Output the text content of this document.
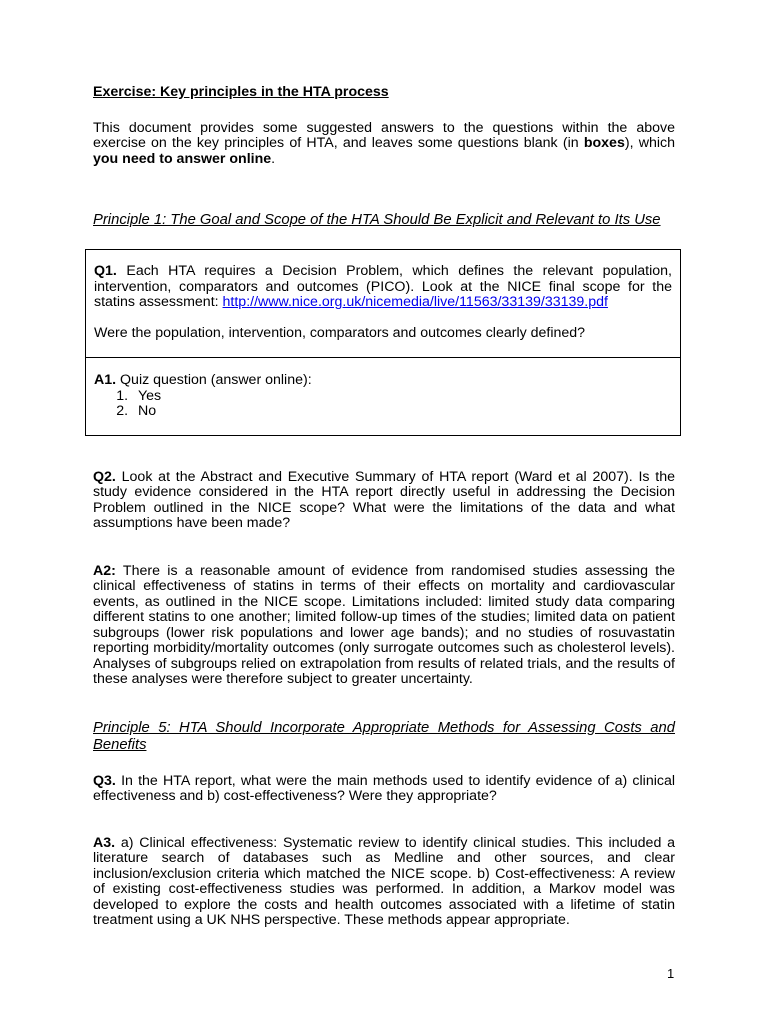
Exercise: Key principles in the HTA process

This document provides some suggested answers to the questions within the above exercise on the key principles of HTA, and leaves some questions blank (in boxes), which you need to answer online.

Principle 1: The Goal and Scope of the HTA Should Be Explicit and Relevant to Its Use

Q1. Each HTA requires a Decision Problem, which defines the relevant population, intervention, comparators and outcomes (PICO). Look at the NICE final scope for the statins assessment: http://www.nice.org.uk/nicemedia/live/11563/33139/33139.pdf

Were the population, intervention, comparators and outcomes clearly defined?

A1. Quiz question (answer online):

1. Yes
2. No

Q2. Look at the Abstract and Executive Summary of HTA report (Ward et al 2007). Is the study evidence considered in the HTA report directly useful in addressing the Decision Problem outlined in the NICE scope? What were the limitations of the data and what assumptions have been made?

A2: There is a reasonable amount of evidence from randomised studies assessing the clinical effectiveness of statins in terms of their effects on mortality and cardiovascular events, as outlined in the NICE scope. Limitations included: limited study data comparing different statins to one another; limited follow-up times of the studies; limited data on patient subgroups (lower risk populations and lower age bands); and no studies of rosuvastatin reporting morbidity/mortality outcomes (only surrogate outcomes such as cholesterol levels). Analyses of subgroups relied on extrapolation from results of related trials, and the results of these analyses were therefore subject to greater uncertainty.

Principle 5: HTA Should Incorporate Appropriate Methods for Assessing Costs and Benefits

Q3. In the HTA report, what were the main methods used to identify evidence of a) clinical effectiveness and b) cost-effectiveness? Were they appropriate?

A3. a) Clinical effectiveness: Systematic review to identify clinical studies. This included a literature search of databases such as Medline and other sources, and clear inclusion/exclusion criteria which matched the NICE scope. b) Cost-effectiveness: A review of existing cost-effectiveness studies was performed. In addition, a Markov model was developed to explore the costs and health outcomes associated with a lifetime of statin treatment using a UK NHS perspective. These methods appear appropriate.

1
